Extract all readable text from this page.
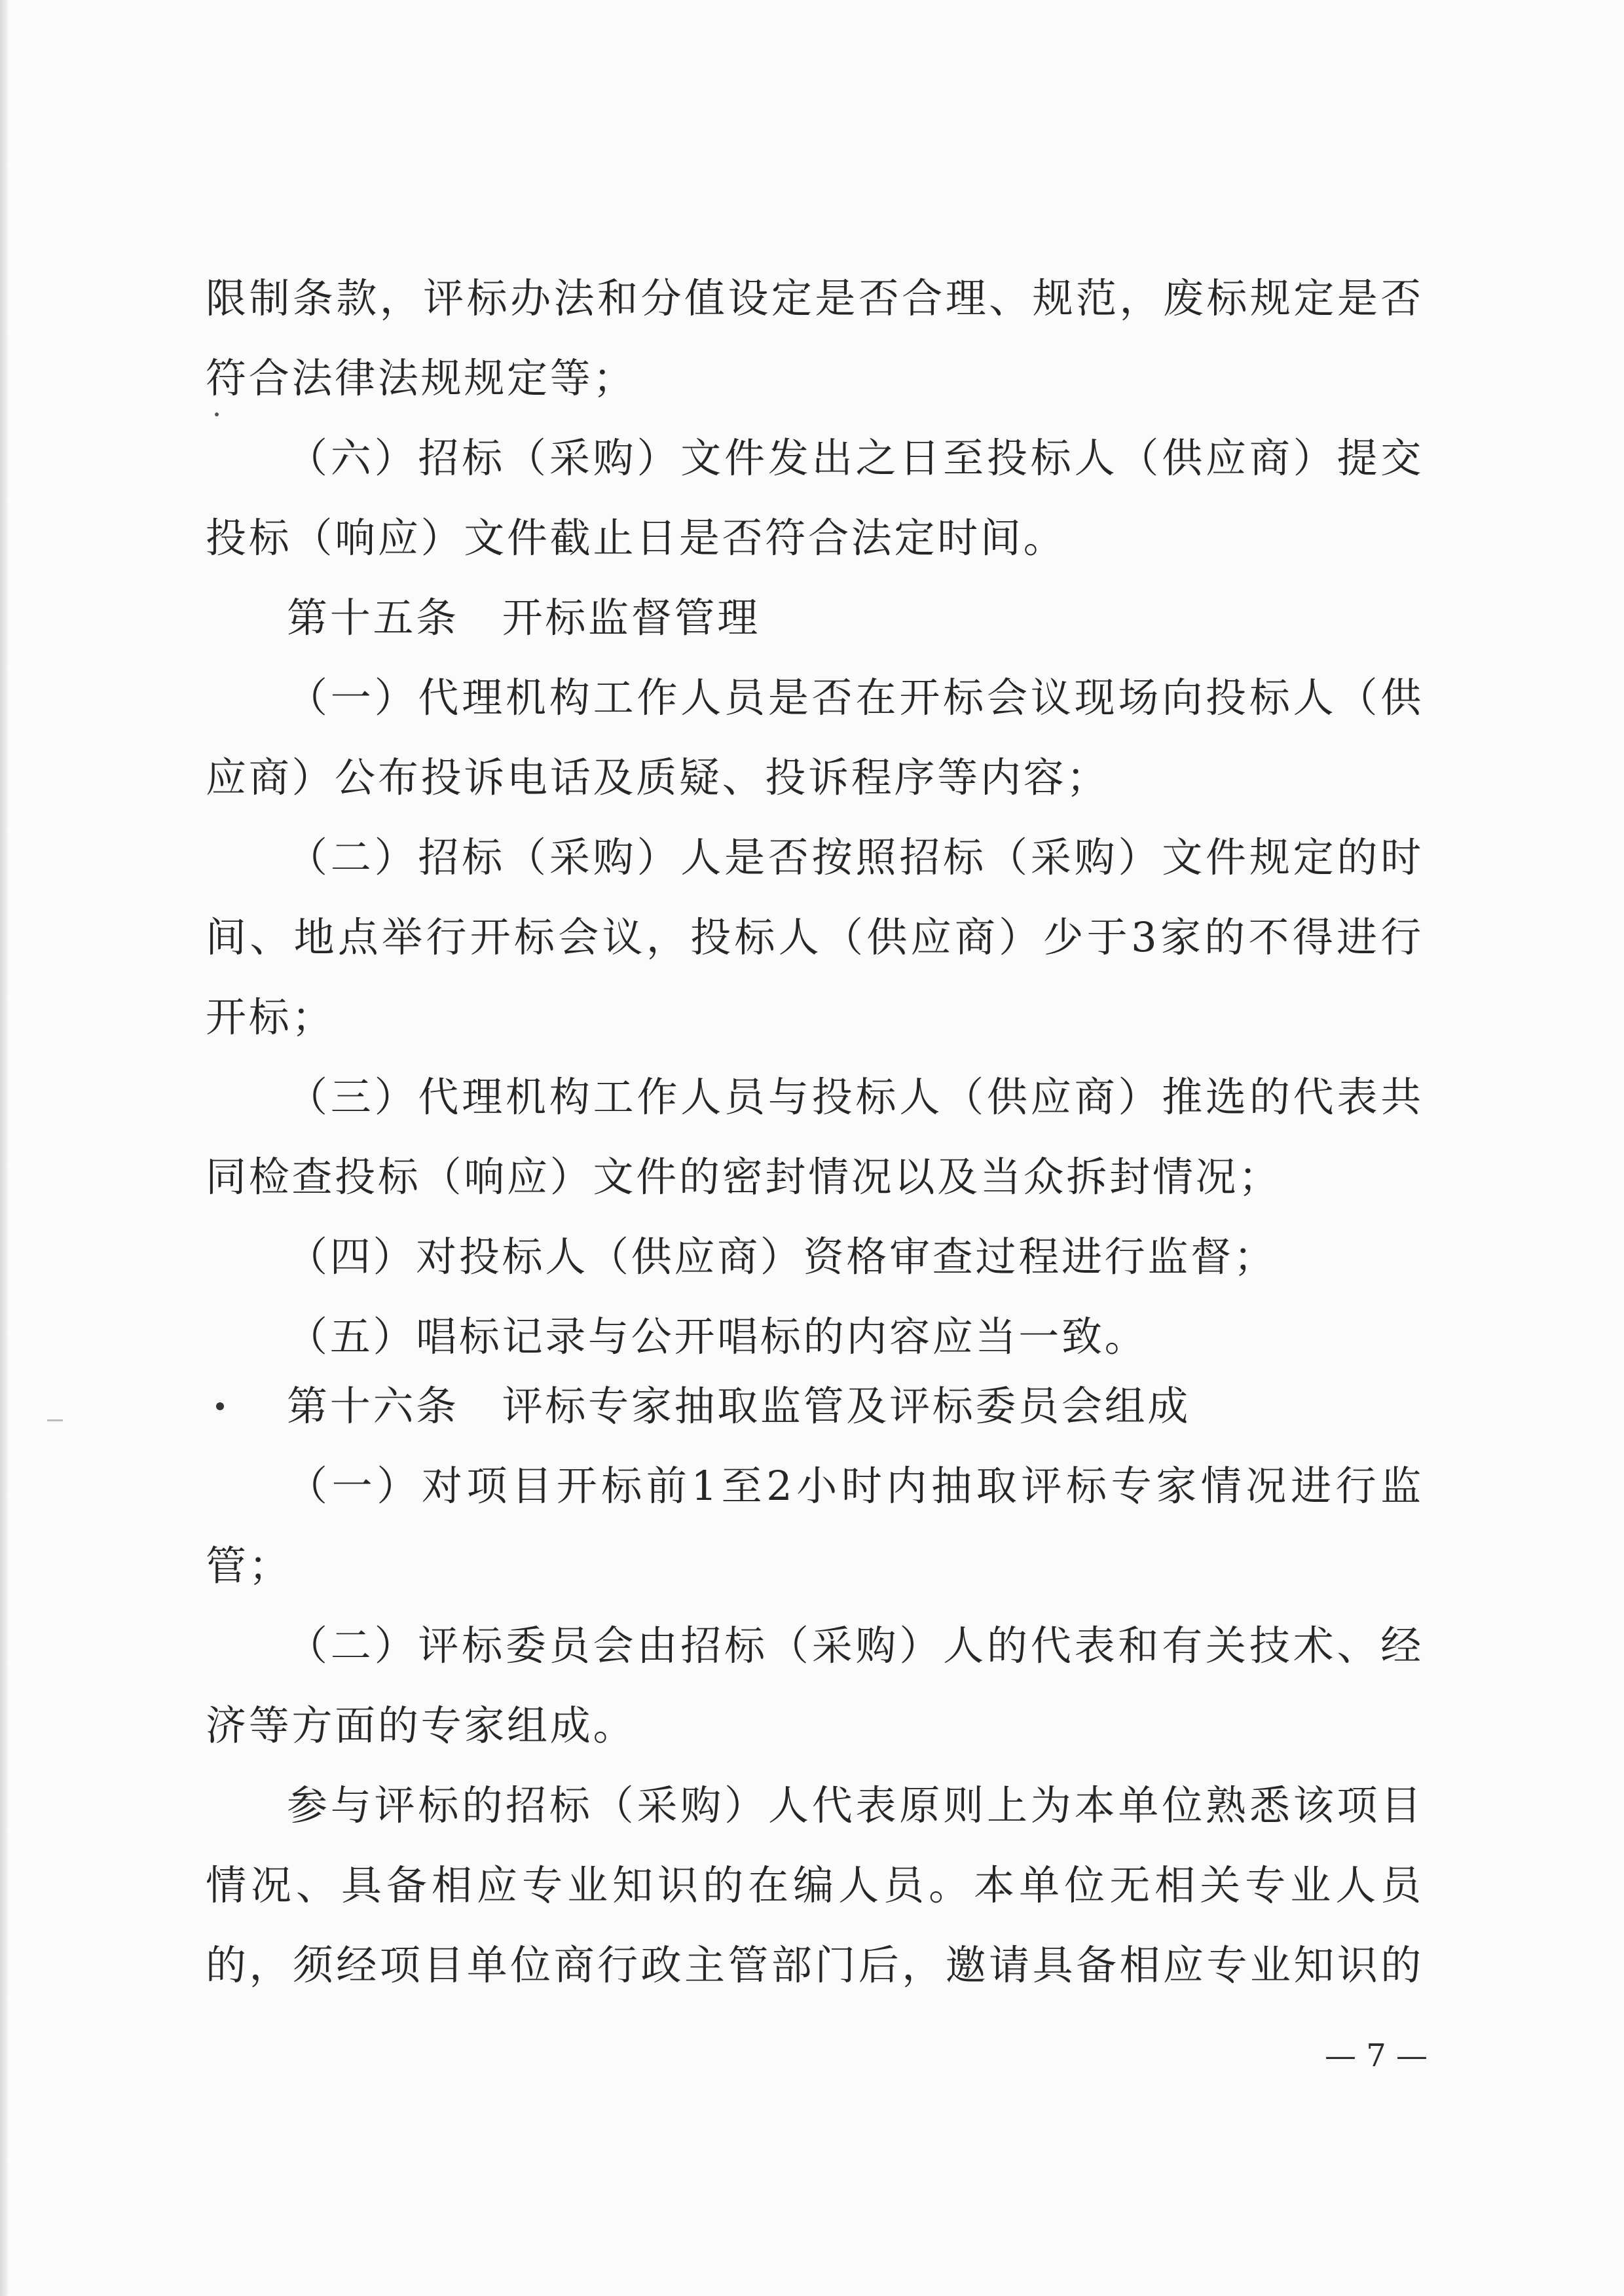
限制条款，评标办法和分值设定是否合理、规范，废标规定是否
符合法律法规规定等；
（六）招标（采购）文件发出之日至投标人（供应商）提交
投标（响应）文件截止日是否符合法定时间。
第十五条　开标监督管理
（一）代理机构工作人员是否在开标会议现场向投标人（供
应商）公布投诉电话及质疑、投诉程序等内容；
（二）招标（采购）人是否按照招标（采购）文件规定的时
间、地点举行开标会议，投标人（供应商）少于3家的不得进行
开标；
（三）代理机构工作人员与投标人（供应商）推选的代表共
同检查投标（响应）文件的密封情况以及当众拆封情况；
（四）对投标人（供应商）资格审查过程进行监督；
（五）唱标记录与公开唱标的内容应当一致。
第十六条　评标专家抽取监管及评标委员会组成
（一）对项目开标前1至2小时内抽取评标专家情况进行监
管；
（二）评标委员会由招标（采购）人的代表和有关技术、经
济等方面的专家组成。
参与评标的招标（采购）人代表原则上为本单位熟悉该项目
情况、具备相应专业知识的在编人员。本单位无相关专业人员
的，须经项目单位商行政主管部门后，邀请具备相应专业知识的
— 7 —
